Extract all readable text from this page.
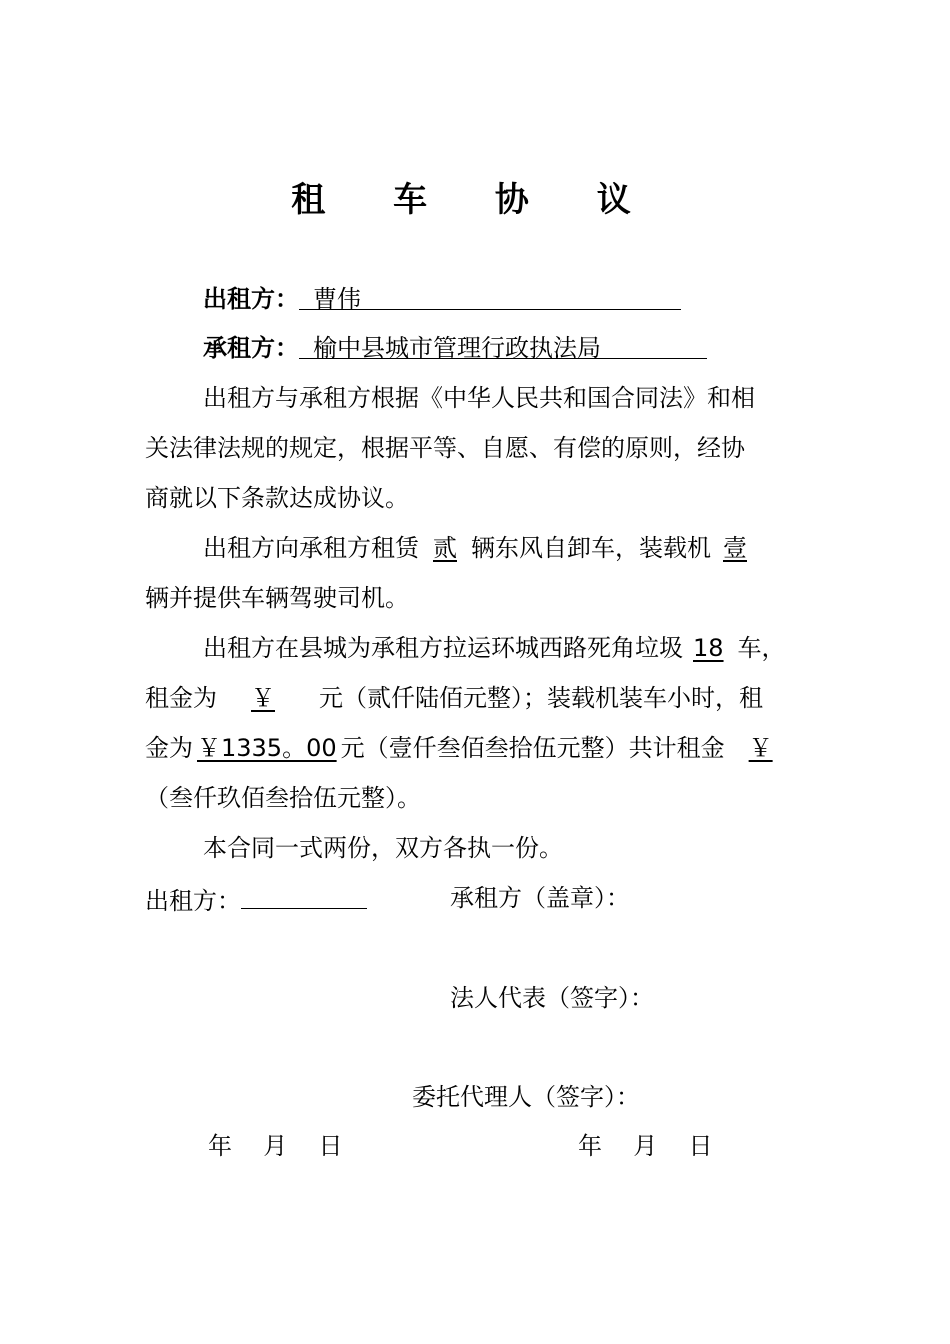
租 车 协 议
出租方： 曹伟
承租方： 榆中县城市管理行政执法局
出租方与承租方根据《中华人民共和国合同法》和相
关法律法规的规定，根据平等、自愿、有偿的原则，经协
商就以下条款达成协议。
出租方向承租方租赁 贰 辆东风自卸车，装载机 壹
辆并提供车辆驾驶司机。
出租方在县城为承租方拉运环城西路死角垃圾 18 车，
租金为 ￥ 元（贰仟陆佰元整）；装载机装车小时，租
金为 ￥1335。00 元（壹仟叁佰叁拾伍元整）共计租金 ￥
（叁仟玖佰叁拾伍元整）。
本合同一式两份，双方各执一份。
出租方：	承租方（盖章）：
法人代表（签字）：
委托代理人（签字）：
年  月  日	年  月  日
